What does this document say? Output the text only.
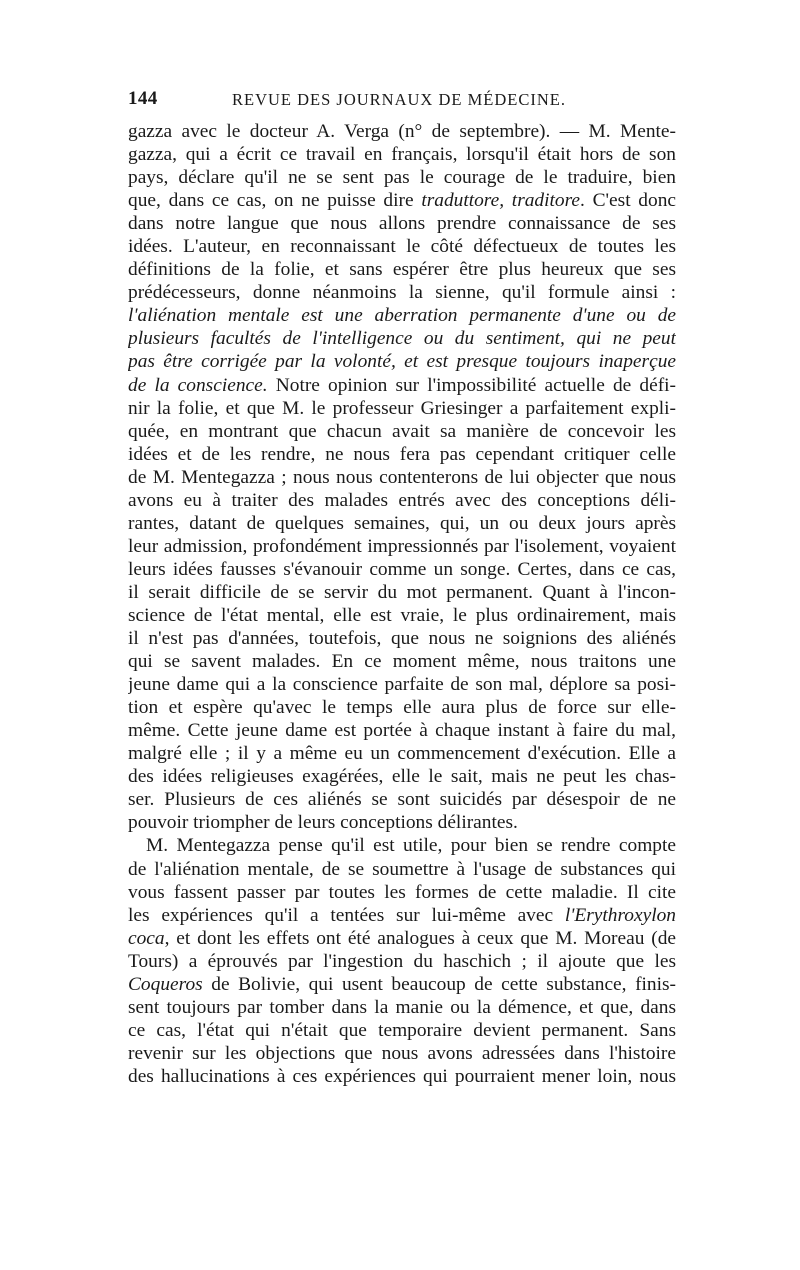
144	REVUE DES JOURNAUX DE MÉDECINE.

gazza avec le docteur A. Verga (n° de septembre). — M. Mente-
gazza, qui a écrit ce travail en français, lorsqu'il était hors de son
pays, déclare qu'il ne se sent pas le courage de le traduire, bien
que, dans ce cas, on ne puisse dire traduttore, traditore. C'est donc
dans notre langue que nous allons prendre connaissance de ses
idées. L'auteur, en reconnaissant le côté défectueux de toutes les
définitions de la folie, et sans espérer être plus heureux que ses
prédécesseurs, donne néanmoins la sienne, qu'il formule ainsi :
l'aliénation mentale est une aberration permanente d'une ou de
plusieurs facultés de l'intelligence ou du sentiment, qui ne peut
pas être corrigée par la volonté, et est presque toujours inaperçue
de la conscience. Notre opinion sur l'impossibilité actuelle de défi-
nir la folie, et que M. le professeur Griesinger a parfaitement expli-
quée, en montrant que chacun avait sa manière de concevoir les
idées et de les rendre, ne nous fera pas cependant critiquer celle
de M. Mentegazza ; nous nous contenterons de lui objecter que nous
avons eu à traiter des malades entrés avec des conceptions déli-
rantes, datant de quelques semaines, qui, un ou deux jours après
leur admission, profondément impressionnés par l'isolement, voyaient
leurs idées fausses s'évanouir comme un songe. Certes, dans ce cas,
il serait difficile de se servir du mot permanent. Quant à l'incon-
science de l'état mental, elle est vraie, le plus ordinairement, mais
il n'est pas d'années, toutefois, que nous ne soignions des aliénés
qui se savent malades. En ce moment même, nous traitons une
jeune dame qui a la conscience parfaite de son mal, déplore sa posi-
tion et espère qu'avec le temps elle aura plus de force sur elle-
même. Cette jeune dame est portée à chaque instant à faire du mal,
malgré elle ; il y a même eu un commencement d'exécution. Elle a
des idées religieuses exagérées, elle le sait, mais ne peut les chas-
ser. Plusieurs de ces aliénés se sont suicidés par désespoir de ne
pouvoir triompher de leurs conceptions délirantes.

M. Mentegazza pense qu'il est utile, pour bien se rendre compte
de l'aliénation mentale, de se soumettre à l'usage de substances qui
vous fassent passer par toutes les formes de cette maladie. Il cite
les expériences qu'il a tentées sur lui-même avec l'Erythroxylon
coca, et dont les effets ont été analogues à ceux que M. Moreau (de
Tours) a éprouvés par l'ingestion du haschich ; il ajoute que les
Coqueros de Bolivie, qui usent beaucoup de cette substance, finis-
sent toujours par tomber dans la manie ou la démence, et que, dans
ce cas, l'état qui n'était que temporaire devient permanent. Sans
revenir sur les objections que nous avons adressées dans l'histoire
des hallucinations à ces expériences qui pourraient mener loin, nous
